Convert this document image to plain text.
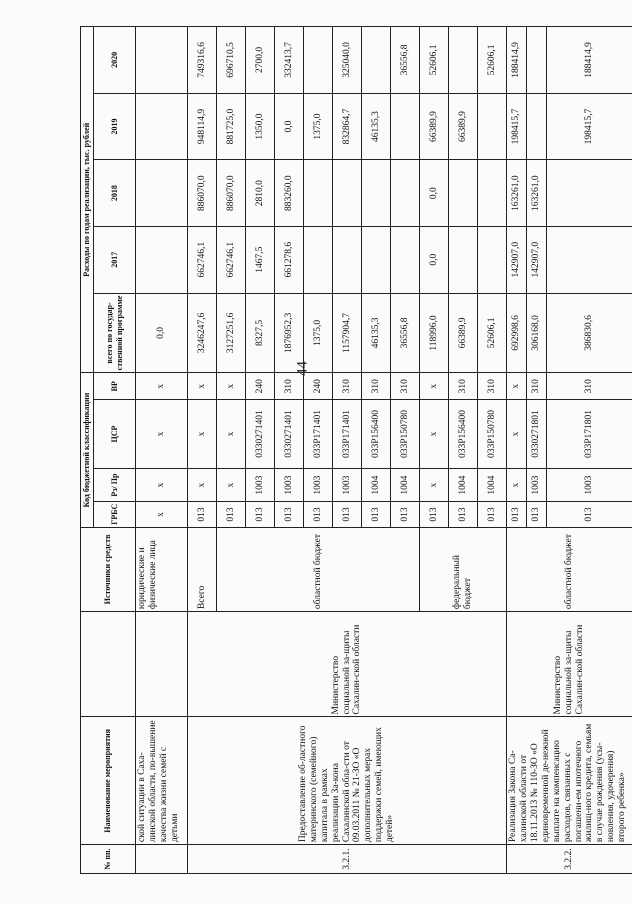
44
№ пп.	Наименование мероприятия		Источники средств	Код бюджетной классификации				Расходы по годам реализации, тыс. рублей				
				ГРБС	Рз/ Пр	ЦСР	ВР	всего по государ-ственной программе	2017	2018	2019	2020

	ской ситуации в Саха-линской области, по-вышение качества жизни семей с детьми		юридические и физические лица	х	х	х	х	0,0				
3.2.1.	Предоставление об-ластного материнского (семейного) капитала в рамках реализации За-кона Сахалинской обла-сти от 09.03.2011 № 21-ЗО «О дополнительных мерах поддержки семей, имеющих детей»	Министерство социальной за-щиты Сахалин-ской области	Всего	013	х	х	х	3246247,6	662746,1	886070,0	948114,9	749316,6
			областной бюджет	013	х	х	х	3127251,6	662746,1	886070,0	881725,0	696710,5
				013	1003	0330271401	240	8327,5	1467,5	2810,0	1350,0	2700,0
				013	1003	0330271401	310	1876952,3	661278,6	883260,0	0,0	332413,7
				013	1003	033Р171401	240	1375,0			1375,0	
				013	1003	033Р171401	310	1157904,7			832864,7	325040,0
				013	1004	033Р156400	310	46135,3			46135,3	
				013	1004	033Р150780	310	36556,8				36556,8
			федеральный бюджет	013	х	х	х	118996,0	0,0	0,0	66389,9	52606,1
				013	1004	033Р156400	310	66389,9			66389,9	
				013	1004	033Р150780	310	52606,1				52606,1
3.2.2.	Реализация Закона Са-халинской области от 18.11.2013 № 110-ЗО «О единовременной де-нежной выплате на компенсацию расходов, связанных с погашени-ем ипотечного жилищ-ного кредита, семьям в случае рождения (усы-новления, удочерения) второго ребенка»	Министерство социальной за-щиты Сахалин-ской области	областной бюджет	013	х	х	х	692998,6	142907,0	163261,0	198415,7	188414,9
				013	1003	0330271801	310	306168,0	142907,0	163261,0		
				013	1003	033Р171801	310	386830,6			198415,7	188414,9
